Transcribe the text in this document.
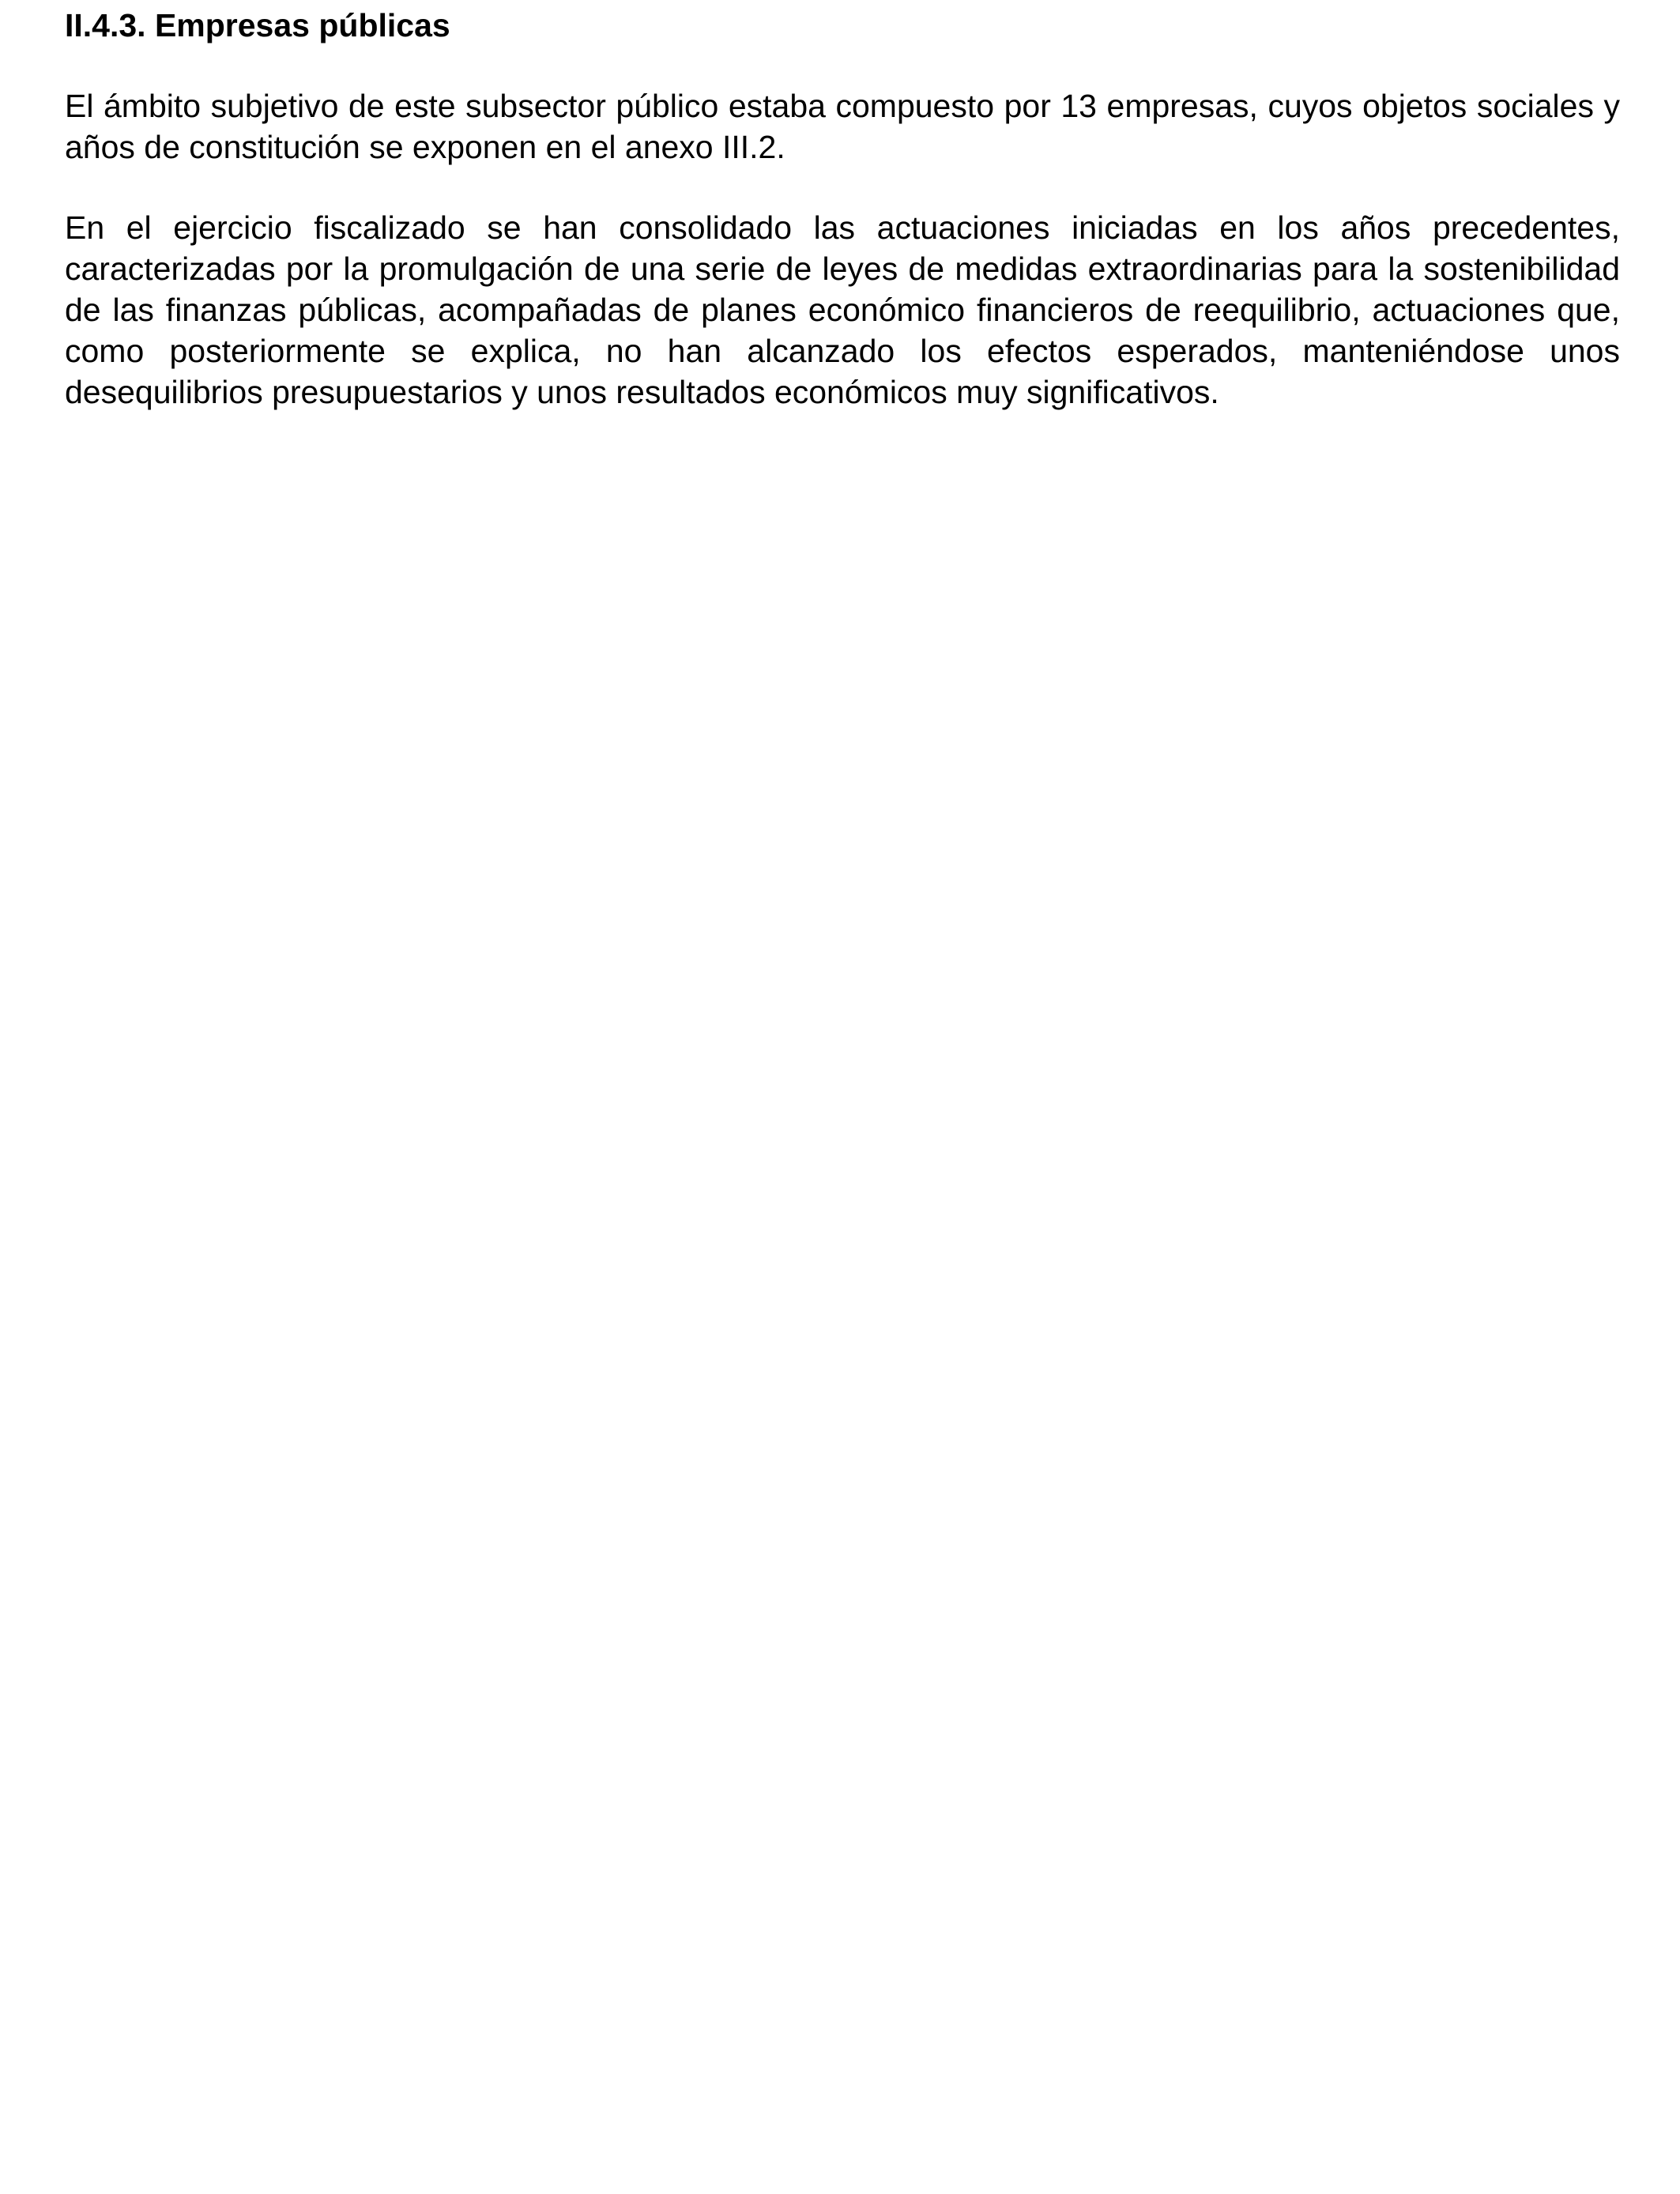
II.4.3. Empresas públicas

El ámbito subjetivo de este subsector público estaba compuesto por 13 empresas, cuyos objetos sociales y años de constitución se exponen en el anexo III.2.

En el ejercicio fiscalizado se han consolidado las actuaciones iniciadas en los años precedentes, caracterizadas por la promulgación de una serie de leyes de medidas extraordinarias para la sostenibilidad de las finanzas públicas, acompañadas de planes económico financieros de reequilibrio, actuaciones que, como posteriormente se explica, no han alcanzado los efectos esperados, manteniéndose unos desequilibrios presupuestarios y unos resultados económicos muy significativos.
